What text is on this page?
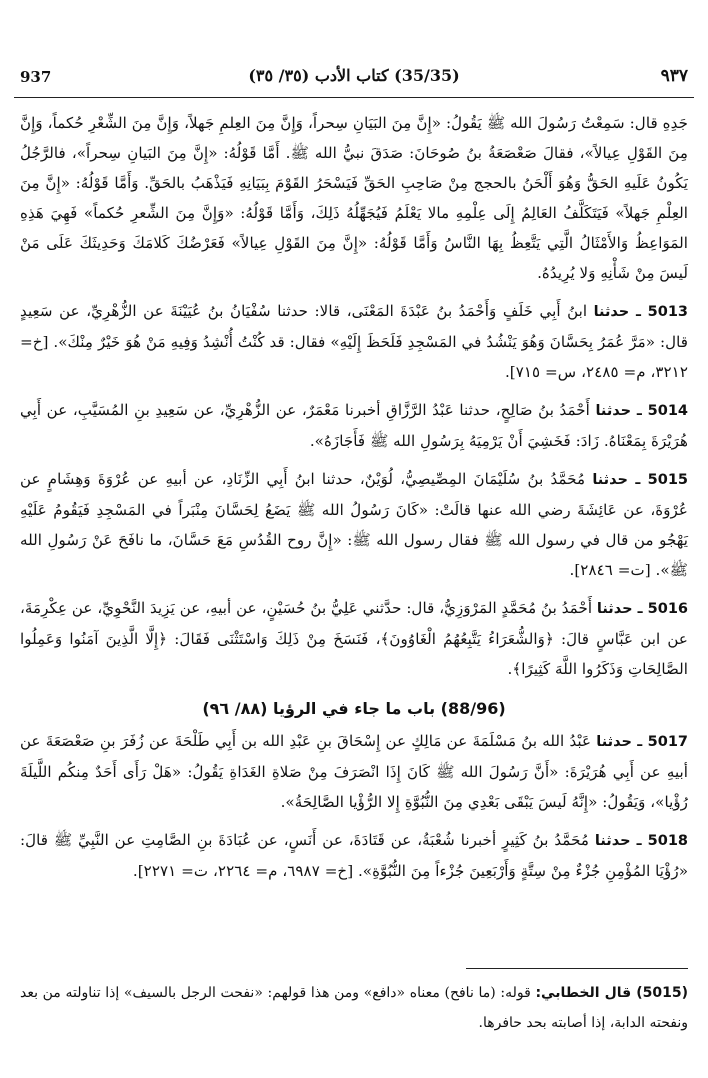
937	(35/35) كتاب الأدب (٣٥/ ٣٥)	٩٣٧

جَدِهِ قال: سَمِعْتُ رَسُولَ الله ﷺ يَقُولُ: «إِنَّ مِنَ البَيَانِ سِحراً، وَإِنَّ مِنَ العِلمِ جَهلاً، وَإِنَّ مِنَ الشِّعْرِ حُكماً، وَإِنَّ مِنَ القَوْلِ عِيالاً»، فقالَ صَعْصَعَةُ بنُ صُوحَانَ: صَدَقَ نبيُّ الله ﷺ. أَمَّا قَوْلُهُ: «إِنَّ مِنَ البَيانِ سِحراً»، فالرَّجُلُ يَكُونُ عَلَيهِ الحَقُّ وَهُوَ أَلْحَنُ بالحجج مِنْ صَاحِبِ الحَقِّ فَيَسْحَرُ القَوْمَ بِبَيَانِهِ فَيَذْهَبُ بالحَقِّ. وَأَمَّا قَوْلُهُ: «إِنَّ مِنَ العِلْمِ جَهلاً» فَيَتَكَلَّفُ العَالِمُ إِلَى عِلْمِهِ مالا يَعْلَمُ فَيُجَهِّلُهُ ذَلِكَ، وَأَمَّا قَوْلُهُ: «وَإِنَّ مِنَ الشِّعرِ حُكماً» فَهِيَ هَذِهِ المَوَاعِظُ وَالأَمْثَالُ الَّتِي يَتَّعِظُ بِهَا النَّاسُ وَأَمَّا قَوْلُهُ: «إِنَّ مِنَ القَوْلِ عِيالاً» فَعَرْضُكَ كَلامَكَ وَحَدِيثَكَ عَلَى مَنْ لَيسَ مِنْ شَأْنِهِ وَلا يُرِيدُهُ.

5013 ـ حدثنا ابنُ أَبِي خَلَفٍ وَأَحْمَدُ بنُ عَبْدَةَ المَعْنَى، قالا: حدثنا سُفْيَانُ بنُ عُيَيْنَةَ عن الزُّهْرِيِّ، عن سَعِيدٍ قال: «مَرَّ عُمَرُ بِحَسَّانَ وَهُوَ يَنْشُدُ في المَسْجِدِ فَلَحَظَ إِلَيْهِ» فقال: قد كُنْتُ أُنْشِدُ وَفِيهِ مَنْ هُوَ خَيْرٌ مِنْكَ». [خ= ٣٢١٢، م= ٢٤٨٥، س= ٧١٥].

5014 ـ حدثنا أَحْمَدُ بنُ صَالِحٍ، حدثنا عَبْدُ الرَّزَّاقِ أخبرنا مَعْمَرٌ، عن الزُّهْرِيِّ، عن سَعِيدِ بنِ المُسَيَّبِ، عن أَبِي هُرَيْرَةَ بِمَعْنَاهُ. زَادَ: فَخَشِيَ أَنْ يَرْمِيَهُ بِرَسُولِ الله ﷺ فَأَجَازَهُ».

5015 ـ حدثنا مُحَمَّدُ بنُ سُلَيْمَانَ المِصِّيصِيُّ، لُوَيْنٌ، حدثنا ابنُ أَبِي الزِّنَادِ، عن أبيهِ عن عُرْوَةَ وَهِشَامٍ عن عُرْوَةَ، عن عَائِشَةَ رضي الله عنها قالَتْ: «كَانَ رَسُولُ الله ﷺ يَضَعُ لِحَسَّانَ مِنْبَراً في المَسْجِدِ فَيَقُومُ عَلَيْهِ يَهْجُو من قال في رسول الله ﷺ فقال رسول الله ﷺ: «إِنَّ روح القُدُسِ مَعَ حَسَّانَ، ما نافَحَ عَنْ رَسُولِ الله ﷺ». [ت= ٢٨٤٦].

5016 ـ حدثنا أَحْمَدُ بنُ مُحَمَّدٍ المَرْوَزِيُّ، قال: حدَّثني عَلِيُّ بنُ حُسَيْنٍ، عن أبيهِ، عن يَزِيدَ النَّحْوِيِّ، عن عِكْرِمَةَ، عن ابن عَبَّاسٍ قالَ: ﴿وَالشُّعَرَاءُ يَتَّبِعُهُمُ الْغَاوُونَ﴾، فَنَسَخَ مِنْ ذَلِكَ وَاسْتَثْنَى فَقَالَ: ﴿إِلَّا الَّذِينَ آمَنُوا وَعَمِلُوا الصَّالِحَاتِ وَذَكَرُوا اللَّهَ كَثِيرًا﴾.

(88/96) باب ما جاء في الرؤيا (٨٨/ ٩٦)

5017 ـ حدثنا عَبْدُ الله بنُ مَسْلَمَةَ عن مَالِكٍ عن إِسْحَاقَ بنِ عَبْدِ الله بن أَبِي طَلْحَةَ عن زُفَرَ بنِ صَعْصَعَةَ عن أبيهِ عن أَبِي هُرَيْرَةَ: «أَنَّ رَسُولَ الله ﷺ كَانَ إِذَا انْصَرَفَ مِنْ صَلاةِ الغَدَاةِ يَقُولُ: «هَلْ رَأَى أَحَدٌ مِنكُم اللَّيلَةَ رُؤْيا»، وَيَقُولُ: «إِنَّهُ لَيسَ يَبْقَى بَعْدِي مِنَ النُّبُوَّةِ إِلا الرُّؤْيا الصَّالِحَةُ».

5018 ـ حدثنا مُحَمَّدُ بنُ كَثِيرٍ أخبرنا شُعْبَةُ، عن قَتَادَةَ، عن أَنَسٍ، عن عُبَادَةَ بنِ الصَّامِتِ عن النَّبِيِّ ﷺ قالَ: «رُؤْيَا المُؤْمِنِ جُزْءٌ مِنْ سِتَّةٍ وَأَرْبَعِينَ جُزْءاً مِنَ النُّبُوَّةِ». [خ= ٦٩٨٧، م= ٢٢٦٤، ت= ٢٢٧١].

(5015) قال الخطابي: قوله: (ما نافح) معناه «دافع» ومن هذا قولهم: «نفحت الرجل بالسيف» إذا تناولته من بعد ونفحته الدابة، إذا أصابته بحد حافرها.
